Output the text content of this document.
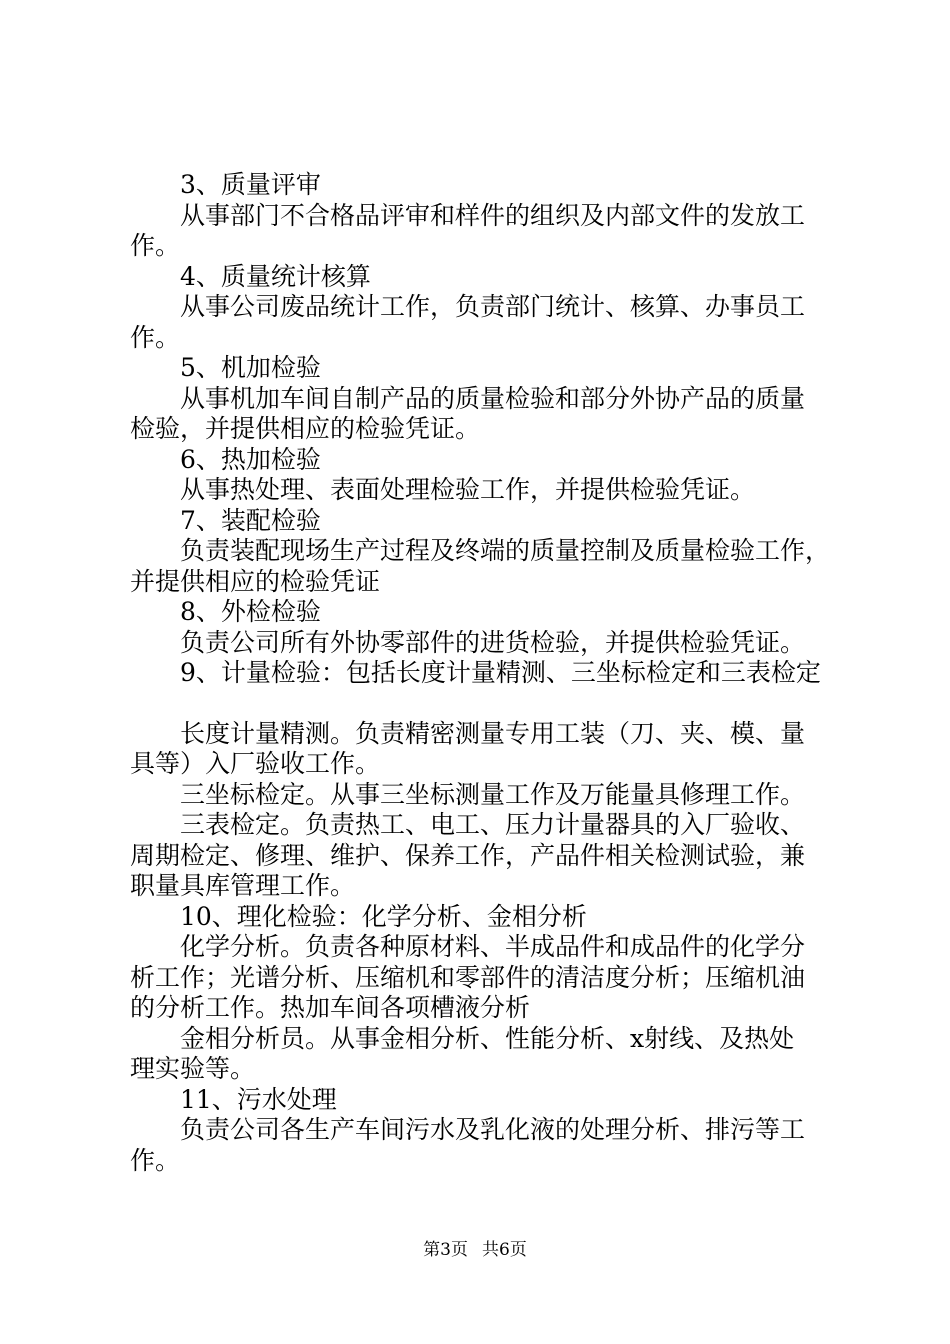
3、质量评审
从事部门不合格品评审和样件的组织及内部文件的发放工
作。
4、质量统计核算
从事公司废品统计工作，负责部门统计、核算、办事员工
作。
5、机加检验
从事机加车间自制产品的质量检验和部分外协产品的质量
检验，并提供相应的检验凭证。
6、热加检验
从事热处理、表面处理检验工作，并提供检验凭证。
7、装配检验
负责装配现场生产过程及终端的质量控制及质量检验工作，
并提供相应的检验凭证
8、外检检验
负责公司所有外协零部件的进货检验，并提供检验凭证。
9、计量检验：包括长度计量精测、三坐标检定和三表检定
长度计量精测。负责精密测量专用工装（刀、夹、模、量
具等）入厂验收工作。
三坐标检定。从事三坐标测量工作及万能量具修理工作。
三表检定。负责热工、电工、压力计量器具的入厂验收、
周期检定、修理、维护、保养工作，产品件相关检测试验，兼
职量具库管理工作。
10、理化检验：化学分析、金相分析
化学分析。负责各种原材料、半成品件和成品件的化学分
析工作；光谱分析、压缩机和零部件的清洁度分析；压缩机油
的分析工作。热加车间各项槽液分析
金相分析员。从事金相分析、性能分析、x射线、及热处
理实验等。
11、污水处理
负责公司各生产车间污水及乳化液的处理分析、排污等工
作。
第3页 共6页
